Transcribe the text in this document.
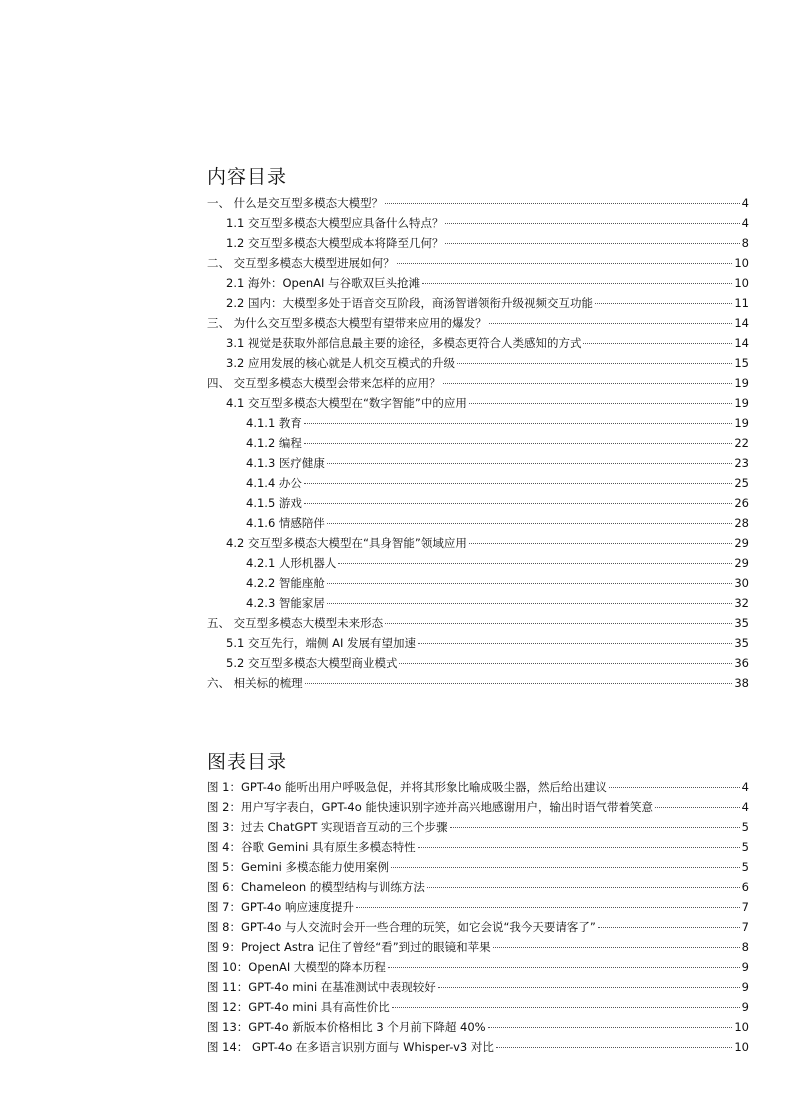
内容目录
一、 什么是交互型多模态大模型？	4
1.1 交互型多模态大模型应具备什么特点？	4
1.2 交互型多模态大模型成本将降至几何？	8
二、 交互型多模态大模型进展如何？	10
2.1 海外：OpenAI 与谷歌双巨头抢滩	10
2.2 国内：大模型多处于语音交互阶段，商汤智谱领衔升级视频交互功能	11
三、 为什么交互型多模态大模型有望带来应用的爆发？	14
3.1 视觉是获取外部信息最主要的途径，多模态更符合人类感知的方式	14
3.2 应用发展的核心就是人机交互模式的升级	15
四、 交互型多模态大模型会带来怎样的应用？	19
4.1 交互型多模态大模型在“数字智能”中的应用	19
4.1.1 教育	19
4.1.2 编程	22
4.1.3 医疗健康	23
4.1.4 办公	25
4.1.5 游戏	26
4.1.6 情感陪伴	28
4.2 交互型多模态大模型在“具身智能”领域应用	29
4.2.1 人形机器人	29
4.2.2 智能座舱	30
4.2.3 智能家居	32
五、 交互型多模态大模型未来形态	35
5.1 交互先行，端侧 AI 发展有望加速	35
5.2 交互型多模态大模型商业模式	36
六、 相关标的梳理	38
图表目录
图 1：GPT-4o 能听出用户呼吸急促，并将其形象比喻成吸尘器，然后给出建议	4
图 2：用户写字表白，GPT-4o 能快速识别字迹并高兴地感谢用户，输出时语气带着笑意	4
图 3：过去 ChatGPT 实现语音互动的三个步骤	5
图 4：谷歌 Gemini 具有原生多模态特性	5
图 5：Gemini 多模态能力使用案例	5
图 6：Chameleon 的模型结构与训练方法	6
图 7：GPT-4o 响应速度提升	7
图 8：GPT-4o 与人交流时会开一些合理的玩笑，如它会说“我今天要请客了”	7
图 9：Project Astra 记住了曾经“看”到过的眼镜和苹果	8
图 10：OpenAI 大模型的降本历程	9
图 11：GPT-4o mini 在基准测试中表现较好	9
图 12：GPT-4o mini 具有高性价比	9
图 13：GPT-4o 新版本价格相比 3 个月前下降超 40%	10
图 14： GPT-4o 在多语言识别方面与 Whisper-v3 对比	10
